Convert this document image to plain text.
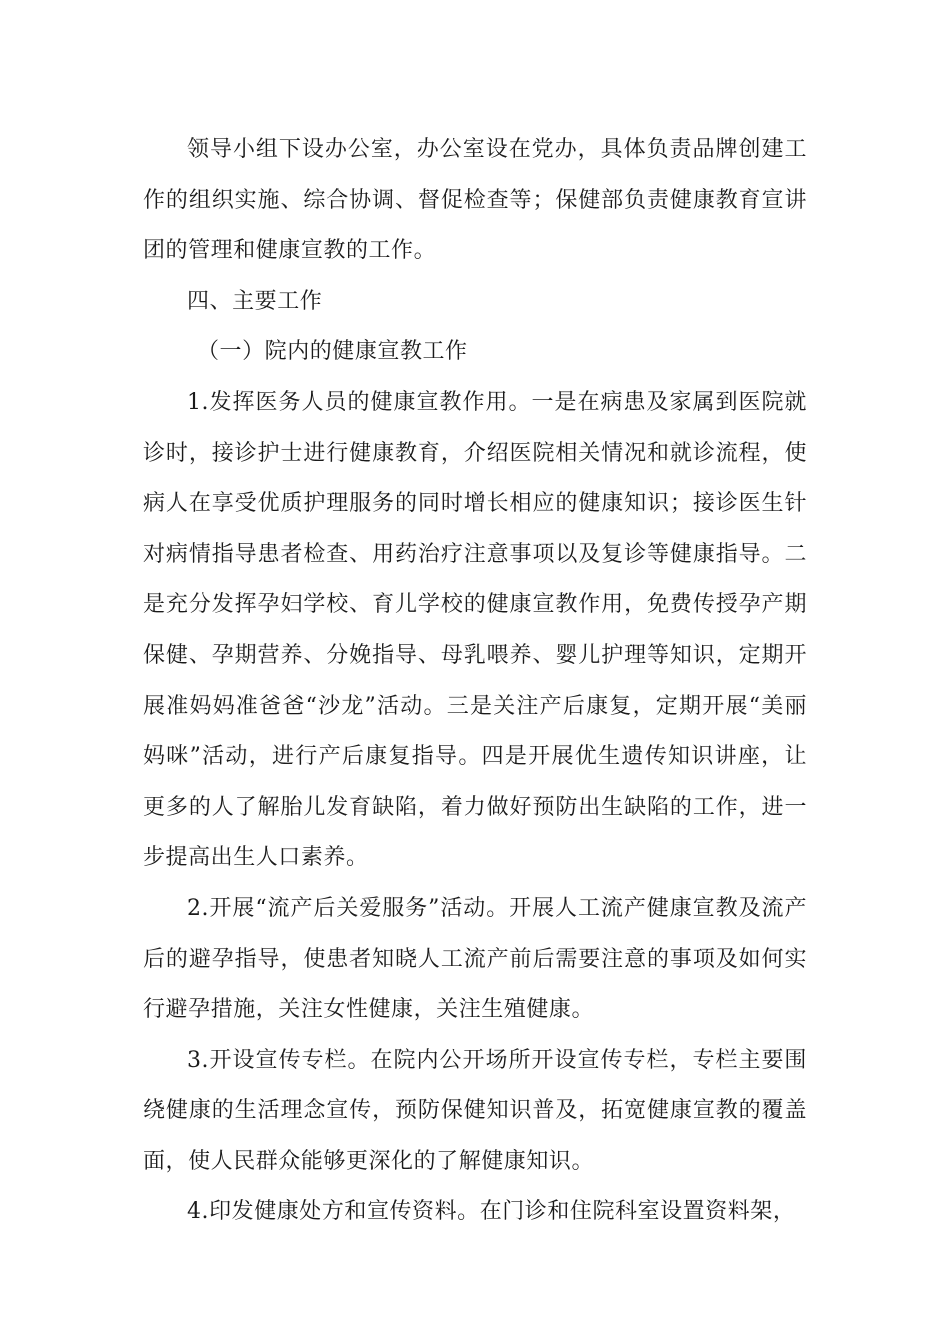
领导小组下设办公室，办公室设在党办，具体负责品牌创建工作的组织实施、综合协调、督促检查等；保健部负责健康教育宣讲团的管理和健康宣教的工作。

四、主要工作

（一）院内的健康宣教工作

1.发挥医务人员的健康宣教作用。一是在病患及家属到医院就诊时，接诊护士进行健康教育，介绍医院相关情况和就诊流程，使病人在享受优质护理服务的同时增长相应的健康知识；接诊医生针对病情指导患者检查、用药治疗注意事项以及复诊等健康指导。二是充分发挥孕妇学校、育儿学校的健康宣教作用，免费传授孕产期保健、孕期营养、分娩指导、母乳喂养、婴儿护理等知识，定期开展准妈妈准爸爸“沙龙”活动。三是关注产后康复，定期开展“美丽妈咪”活动，进行产后康复指导。四是开展优生遗传知识讲座，让更多的人了解胎儿发育缺陷，着力做好预防出生缺陷的工作，进一步提高出生人口素养。

2.开展“流产后关爱服务”活动。开展人工流产健康宣教及流产后的避孕指导，使患者知晓人工流产前后需要注意的事项及如何实行避孕措施，关注女性健康，关注生殖健康。

3.开设宣传专栏。在院内公开场所开设宣传专栏，专栏主要围绕健康的生活理念宣传，预防保健知识普及，拓宽健康宣教的覆盖面，使人民群众能够更深化的了解健康知识。

4.印发健康处方和宣传资料。在门诊和住院科室设置资料架，
